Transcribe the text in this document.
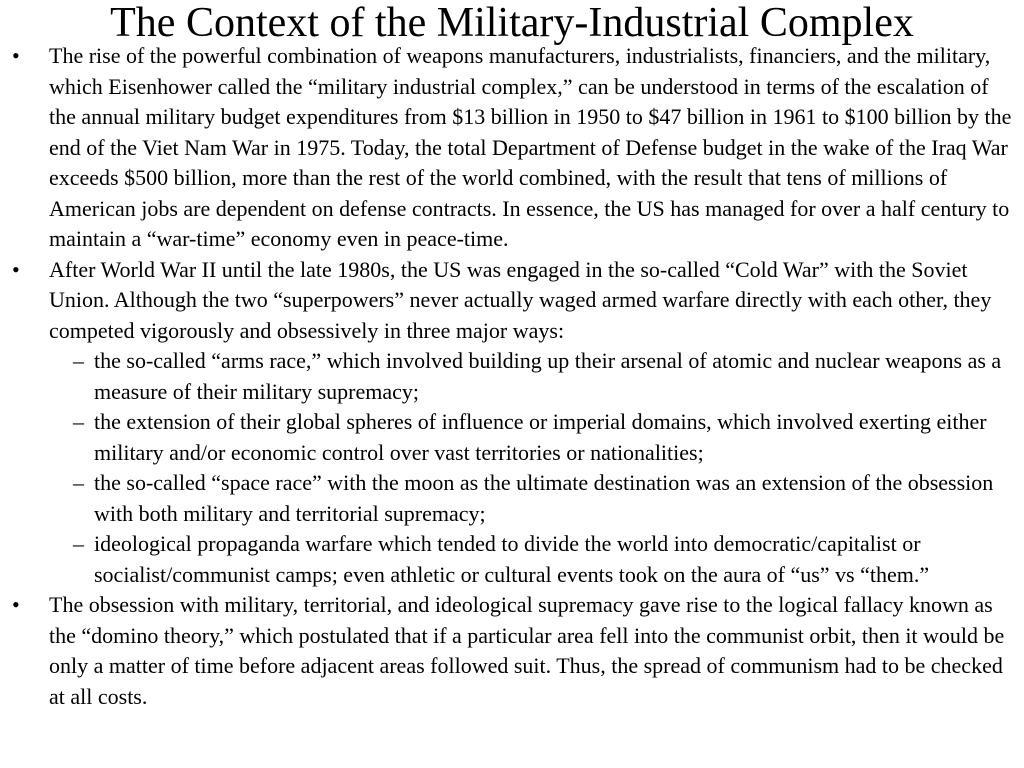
The Context of the Military-Industrial Complex
• The rise of the powerful combination of weapons manufacturers, industrialists, financiers, and the military, which Eisenhower called the “military industrial complex,” can be understood in terms of the escalation of the annual military budget expenditures from $13 billion in 1950 to $47 billion in 1961 to $100 billion by the end of the Viet Nam War in 1975. Today, the total Department of Defense budget in the wake of the Iraq War exceeds $500 billion, more than the rest of the world combined, with the result that tens of millions of American jobs are dependent on defense contracts. In essence, the US has managed for over a half century to maintain a “war-time” economy even in peace-time.
• After World War II until the late 1980s, the US was engaged in the so-called “Cold War” with the Soviet Union. Although the two “superpowers” never actually waged armed warfare directly with each other, they competed vigorously and obsessively in three major ways:
– the so-called “arms race,” which involved building up their arsenal of atomic and nuclear weapons as a measure of their military supremacy;
– the extension of their global spheres of influence or imperial domains, which involved exerting either military and/or economic control over vast territories or nationalities;
– the so-called “space race” with the moon as the ultimate destination was an extension of the obsession with both military and territorial supremacy;
– ideological propaganda warfare which tended to divide the world into democratic/capitalist or socialist/communist camps; even athletic or cultural events took on the aura of “us” vs “them.”
• The obsession with military, territorial, and ideological supremacy gave rise to the logical fallacy known as the “domino theory,” which postulated that if a particular area fell into the communist orbit, then it would be only a matter of time before adjacent areas followed suit. Thus, the spread of communism had to be checked at all costs.
